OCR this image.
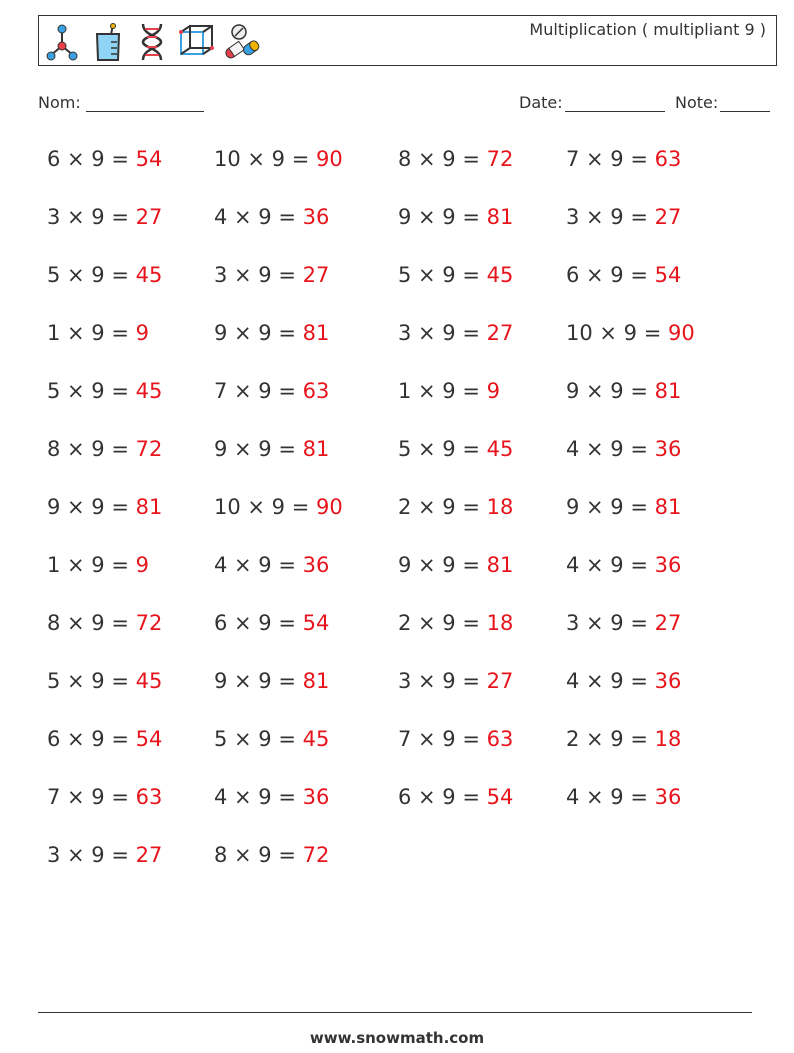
Multiplication ( multipliant 9 )
Nom:	Date:	Note:
6 × 9 = 54 10 × 9 = 90	8 × 9 = 72	7 × 9 = 63
3 × 9 = 27 4 × 9 = 36	9 × 9 = 81	3 × 9 = 27
5 × 9 = 45 3 × 9 = 27	5 × 9 = 45	6 × 9 = 54
1 × 9 = 9	9 × 9 = 81	3 × 9 = 27	10 × 9 = 90
5 × 9 = 45 7 × 9 = 63	1 × 9 = 9	9 × 9 = 81
8 × 9 = 72 9 × 9 = 81	5 × 9 = 45	4 × 9 = 36
9 × 9 = 81 10 × 9 = 90	2 × 9 = 18	9 × 9 = 81
1 × 9 = 9	4 × 9 = 36	9 × 9 = 81	4 × 9 = 36
8 × 9 = 72 6 × 9 = 54	2 × 9 = 18	3 × 9 = 27
5 × 9 = 45 9 × 9 = 81	3 × 9 = 27	4 × 9 = 36
6 × 9 = 54 5 × 9 = 45	7 × 9 = 63	2 × 9 = 18
7 × 9 = 63 4 × 9 = 36	6 × 9 = 54	4 × 9 = 36
3 × 9 = 27 8 × 9 = 72
www.snowmath.com
